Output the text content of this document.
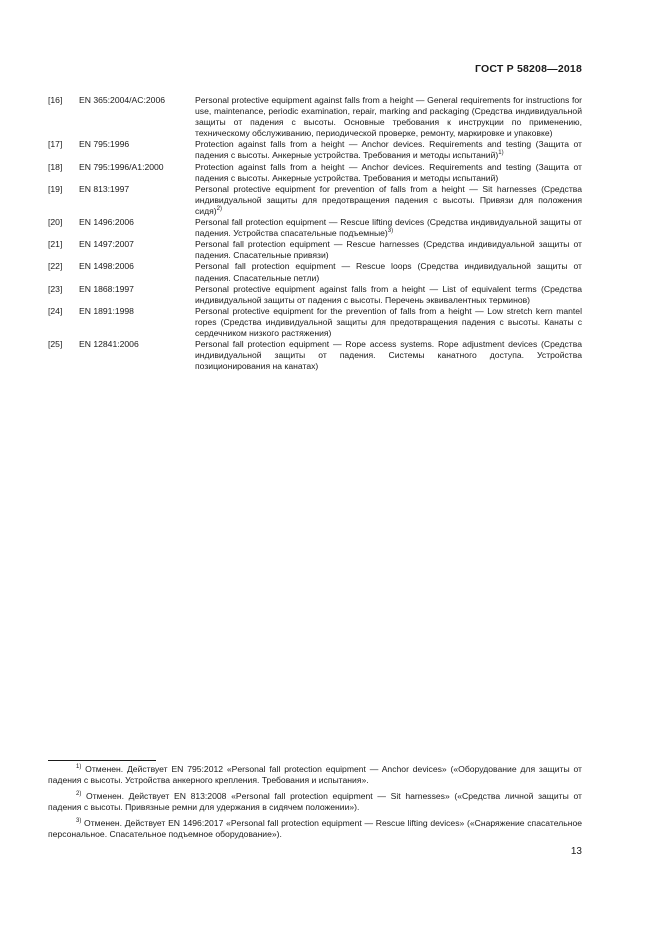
ГОСТ Р 58208—2018
[16]	EN 365:2004/AC:2006	Personal protective equipment against falls from a height — General requirements for instructions for use, maintenance, periodic examination, repair, marking and packaging (Средства индивидуальной защиты от падения с высоты. Основные требования к инструкции по применению, техническому обслуживанию, периодической проверке, ремонту, маркировке и упаковке)
[17]	EN 795:1996	Protection against falls from a height — Anchor devices. Requirements and testing (Защита от падения с высоты. Анкерные устройства. Требования и методы испытаний)$^{1)}$
[18]	EN 795:1996/A1:2000	Protection against falls from a height — Anchor devices. Requirements and testing (Защита от падения с высоты. Анкерные устройства. Требования и методы испытаний)
[19]	EN 813:1997	Personal protective equipment for prevention of falls from a height — Sit harnesses (Средства индивидуальной защиты для предотвращения падения с высоты. Привязи для положения сидя)$^{2)}$
[20]	EN 1496:2006	Personal fall protection equipment — Rescue lifting devices (Средства индивидуальной защиты от падения. Устройства спасательные подъемные)$^{3)}$
[21]	EN 1497:2007	Personal fall protection equipment — Rescue harnesses (Средства индивидуальной защиты от падения. Спасательные привязи)
[22]	EN 1498:2006	Personal fall protection equipment — Rescue loops (Средства индивидуальной защиты от падения. Спасательные петли)
[23]	EN 1868:1997	Personal protective equipment against falls from a height — List of equivalent terms (Средства индивидуальной защиты от падения с высоты. Перечень эквивалентных терминов)
[24]	EN 1891:1998	Personal protective equipment for the prevention of falls from a height — Low stretch kern mantel ropes (Средства индивидуальной защиты для предотвращения падения с высоты. Канаты с сердечником низкого растяжения)
[25]	EN 12841:2006	Personal fall protection equipment — Rope access systems. Rope adjustment devices (Средства индивидуальной защиты от падения. Системы канатного доступа. Устройства позиционирования на канатах)
$^{1)}$ Отменен. Действует EN 795:2012 «Personal fall protection equipment — Anchor devices» («Оборудование для защиты от падения с высоты. Устройства анкерного крепления. Требования и испытания».
$^{2)}$ Отменен. Действует EN 813:2008 «Personal fall protection equipment — Sit harnesses» («Средства личной защиты от падения с высоты. Привязные ремни для удержания в сидячем положении»).
$^{3)}$ Отменен. Действует EN 1496:2017 «Personal fall protection equipment — Rescue lifting devices» («Снаряжение спасательное персональное. Спасательное подъемное оборудование»).
13
